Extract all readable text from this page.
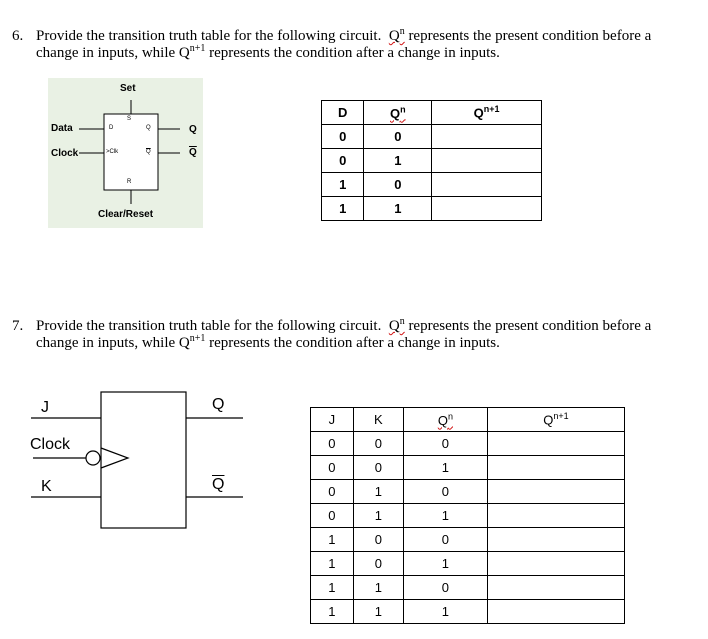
6. Provide the transition truth table for the following circuit. $Q^n$ represents the present condition before a
change in inputs, while $Q^{n+1}$ represents the condition after a change in inputs.
Set
Data
Clock
Clear/Reset
S
D	Q
>Clk	$\overline{Q}$
R
Q
$\overline{Q}$
D	$Q^n$	$Q^{n+1}$
0	0	
0	1	
1	0	
1	1	
7. Provide the transition truth table for the following circuit. $Q^n$ represents the present condition before a
change in inputs, while $Q^{n+1}$ represents the condition after a change in inputs.
J
Clock
K
Q
$\overline{Q}$
J	K	$Q^n$	$Q^{n+1}$
0	0	0	
0	0	1	
0	1	0	
0	1	1	
1	0	0	
1	0	1	
1	1	0	
1	1	1	
